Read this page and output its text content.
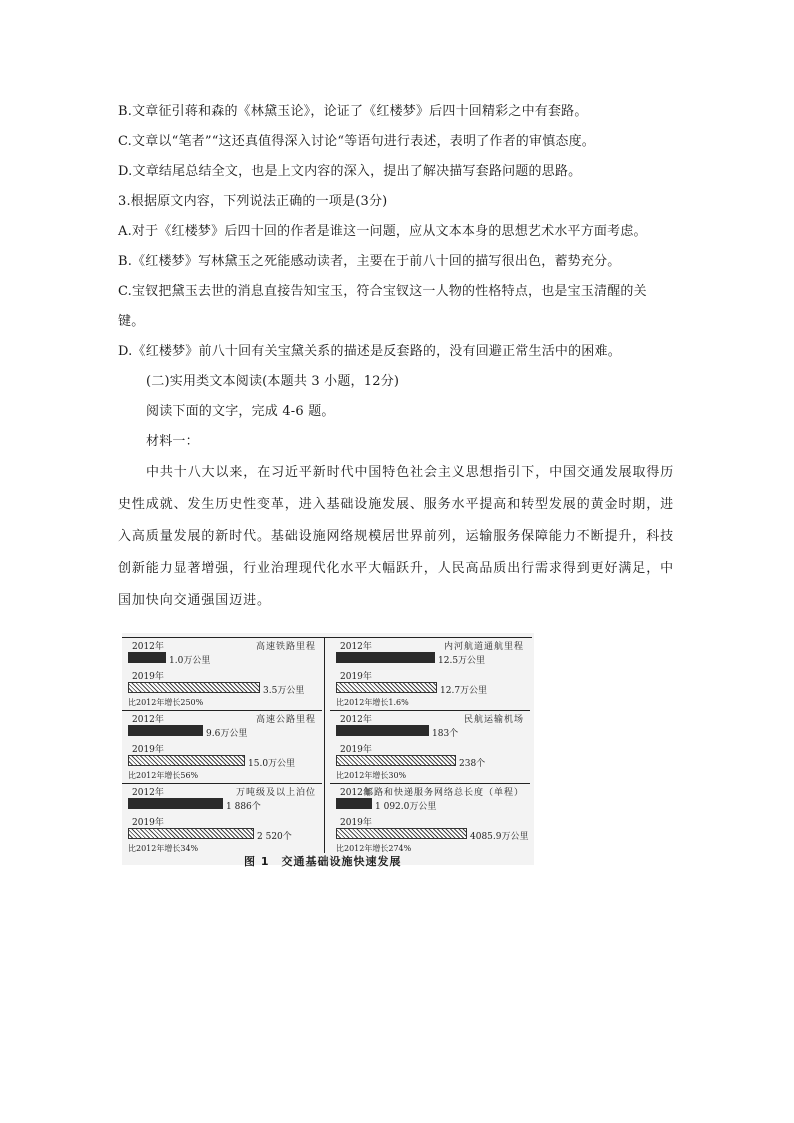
B.文章征引蒋和森的《林黛玉论》，论证了《红楼梦》后四十回精彩之中有套路。
C.文章以“笔者”“这还真值得深入讨论“等语句进行表述，表明了作者的审慎态度。
D.文章结尾总结全文，也是上文内容的深入，提出了解决描写套路问题的思路。
3.根据原文内容，下列说法正确的一项是(3分)
A.对于《红楼梦》后四十回的作者是谁这一问题，应从文本本身的思想艺术水平方面考虑。
B.《红楼梦》写林黛玉之死能感动读者，主要在于前八十回的描写很出色，蓄势充分。
C.宝钗把黛玉去世的消息直接告知宝玉，符合宝钗这一人物的性格特点，也是宝玉清醒的关
键。
D.《红楼梦》前八十回有关宝黛关系的描述是反套路的，没有回避正常生活中的困难。
(二)实用类文本阅读(本题共 3 小题，12分)
阅读下面的文字，完成 4-6 题。
材料一：
中共十八大以来，在习近平新时代中国特色社会主义思想指引下，中国交通发展取得历史性成就、发生历史性变革，进入基础设施发展、服务水平提高和转型发展的黄金时期，进入高质量发展的新时代。基础设施网络规模居世界前列，运输服务保障能力不断提升，科技创新能力显著增强，行业治理现代化水平大幅跃升，人民高品质出行需求得到更好满足，中国加快向交通强国迈进。
2012年	高速铁路里程
1.0万公里
2019年
3.5万公里
比2012年增长250%
2012年	内河航道通航里程
12.5万公里
2019年
12.7万公里
比2012年增长1.6%
2012年	高速公路里程
9.6万公里
2019年
15.0万公里
比2012年增长56%
2012年	民航运输机场
183个
2019年
238个
比2012年增长30%
2012年	万吨级及以上泊位
1 886个
2019年
2 520个
比2012年增长34%
2012年
邮路和快递服务网络总长度（单程）
1 092.0万公里
2019年
4085.9万公里
比2012年增长274%
图 1　交通基础设施快速发展
